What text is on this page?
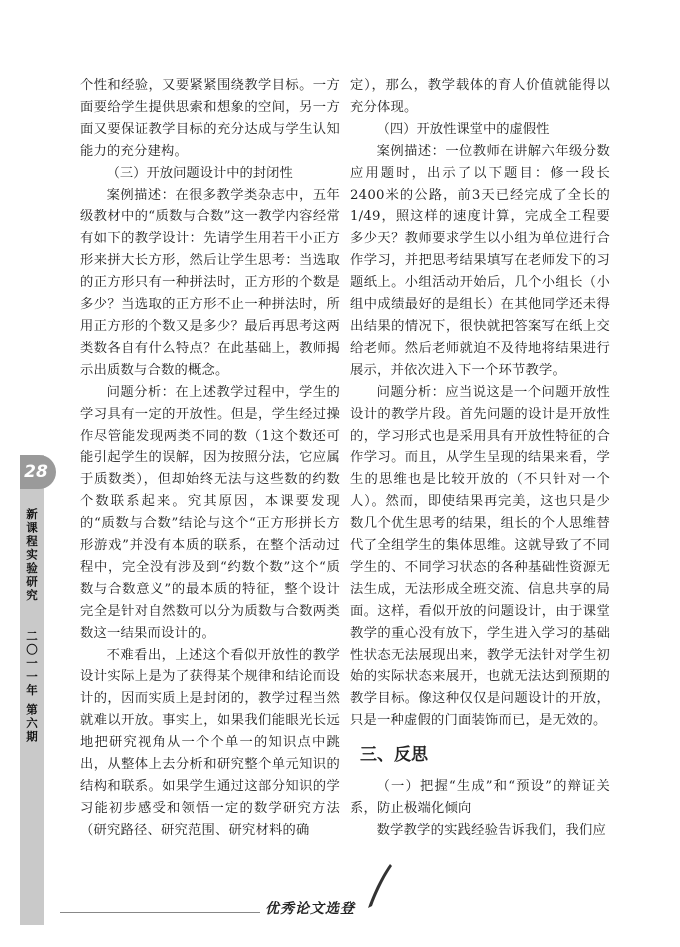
28
新课程实验研究
二〇一一年 第六期

个性和经验，又要紧紧围绕教学目标。一方面要给学生提供思索和想象的空间，另一方面又要保证教学目标的充分达成与学生认知能力的充分建构。

（三）开放问题设计中的封闭性

案例描述：在很多教学类杂志中，五年级教材中的“质数与合数”这一教学内容经常有如下的教学设计：先请学生用若干小正方形来拼大长方形，然后让学生思考：当选取的正方形只有一种拼法时，正方形的个数是多少？当选取的正方形不止一种拼法时，所用正方形的个数又是多少？最后再思考这两类数各自有什么特点？在此基础上，教师揭示出质数与合数的概念。

问题分析：在上述教学过程中，学生的学习具有一定的开放性。但是，学生经过操作尽管能发现两类不同的数（1这个数还可能引起学生的误解，因为按照分法，它应属于质数类），但却始终无法与这些数的约数个数联系起来。究其原因，本课要发现的“质数与合数”结论与这个“正方形拼长方形游戏”并没有本质的联系，在整个活动过程中，完全没有涉及到“约数个数”这个“质数与合数意义”的最本质的特征，整个设计完全是针对自然数可以分为质数与合数两类数这一结果而设计的。

不难看出，上述这个看似开放性的教学设计实际上是为了获得某个规律和结论而设计的，因而实质上是封闭的，教学过程当然就难以开放。事实上，如果我们能眼光长远地把研究视角从一个个单一的知识点中跳出，从整体上去分析和研究整个单元知识的结构和联系。如果学生通过这部分知识的学习能初步感受和领悟一定的数学研究方法（研究路径、研究范围、研究材料的确

定），那么，教学载体的育人价值就能得以充分体现。

（四）开放性课堂中的虚假性

案例描述：一位教师在讲解六年级分数应用题时，出示了以下题目：修一段长2400米的公路，前3天已经完成了全长的1/49，照这样的速度计算，完成全工程要多少天？教师要求学生以小组为单位进行合作学习，并把思考结果填写在老师发下的习题纸上。小组活动开始后，几个小组长（小组中成绩最好的是组长）在其他同学还未得出结果的情况下，很快就把答案写在纸上交给老师。然后老师就迫不及待地将结果进行展示，并依次进入下一个环节教学。

问题分析：应当说这是一个问题开放性设计的教学片段。首先问题的设计是开放性的，学习形式也是采用具有开放性特征的合作学习。而且，从学生呈现的结果来看，学生的思维也是比较开放的（不只针对一个人）。然而，即使结果再完美，这也只是少数几个优生思考的结果，组长的个人思维替代了全组学生的集体思维。这就导致了不同学生的、不同学习状态的各种基础性资源无法生成，无法形成全班交流、信息共享的局面。这样，看似开放的问题设计，由于课堂教学的重心没有放下，学生进入学习的基础性状态无法展现出来，教学无法针对学生初始的实际状态来展开，也就无法达到预期的教学目标。像这种仅仅是问题设计的开放，只是一种虚假的门面装饰而已，是无效的。

三、反思

（一）把握“生成”和“预设”的辩证关系，防止极端化倾向

数学教学的实践经验告诉我们，我们应

优秀论文选登
